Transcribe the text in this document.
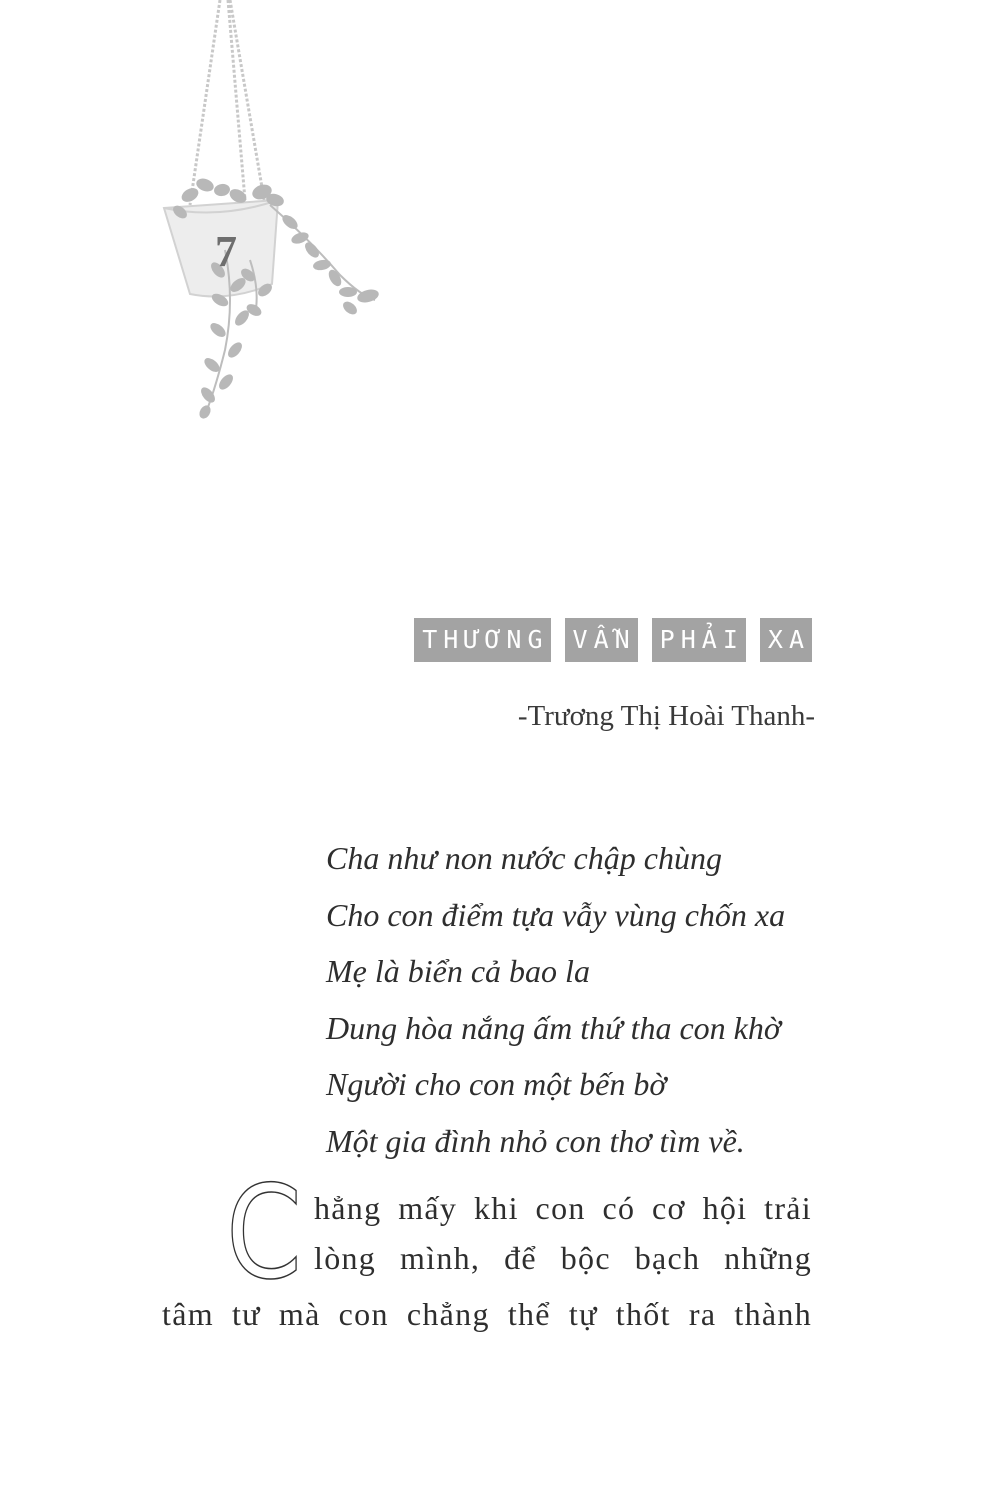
7
THƯƠNG VẪN PHẢI XA
-Trương Thị Hoài Thanh-
Cha như non nước chập chùng
Cho con điểm tựa vẫy vùng chốn xa
Mẹ là biển cả bao la
Dung hòa nắng ấm thứ tha con khờ
Người cho con một bến bờ
Một gia đình nhỏ con thơ tìm về.
C hẳng mấy khi con có cơ hội trải
lòng mình, để bộc bạch những
tâm tư mà con chẳng thể tự thốt ra thành
